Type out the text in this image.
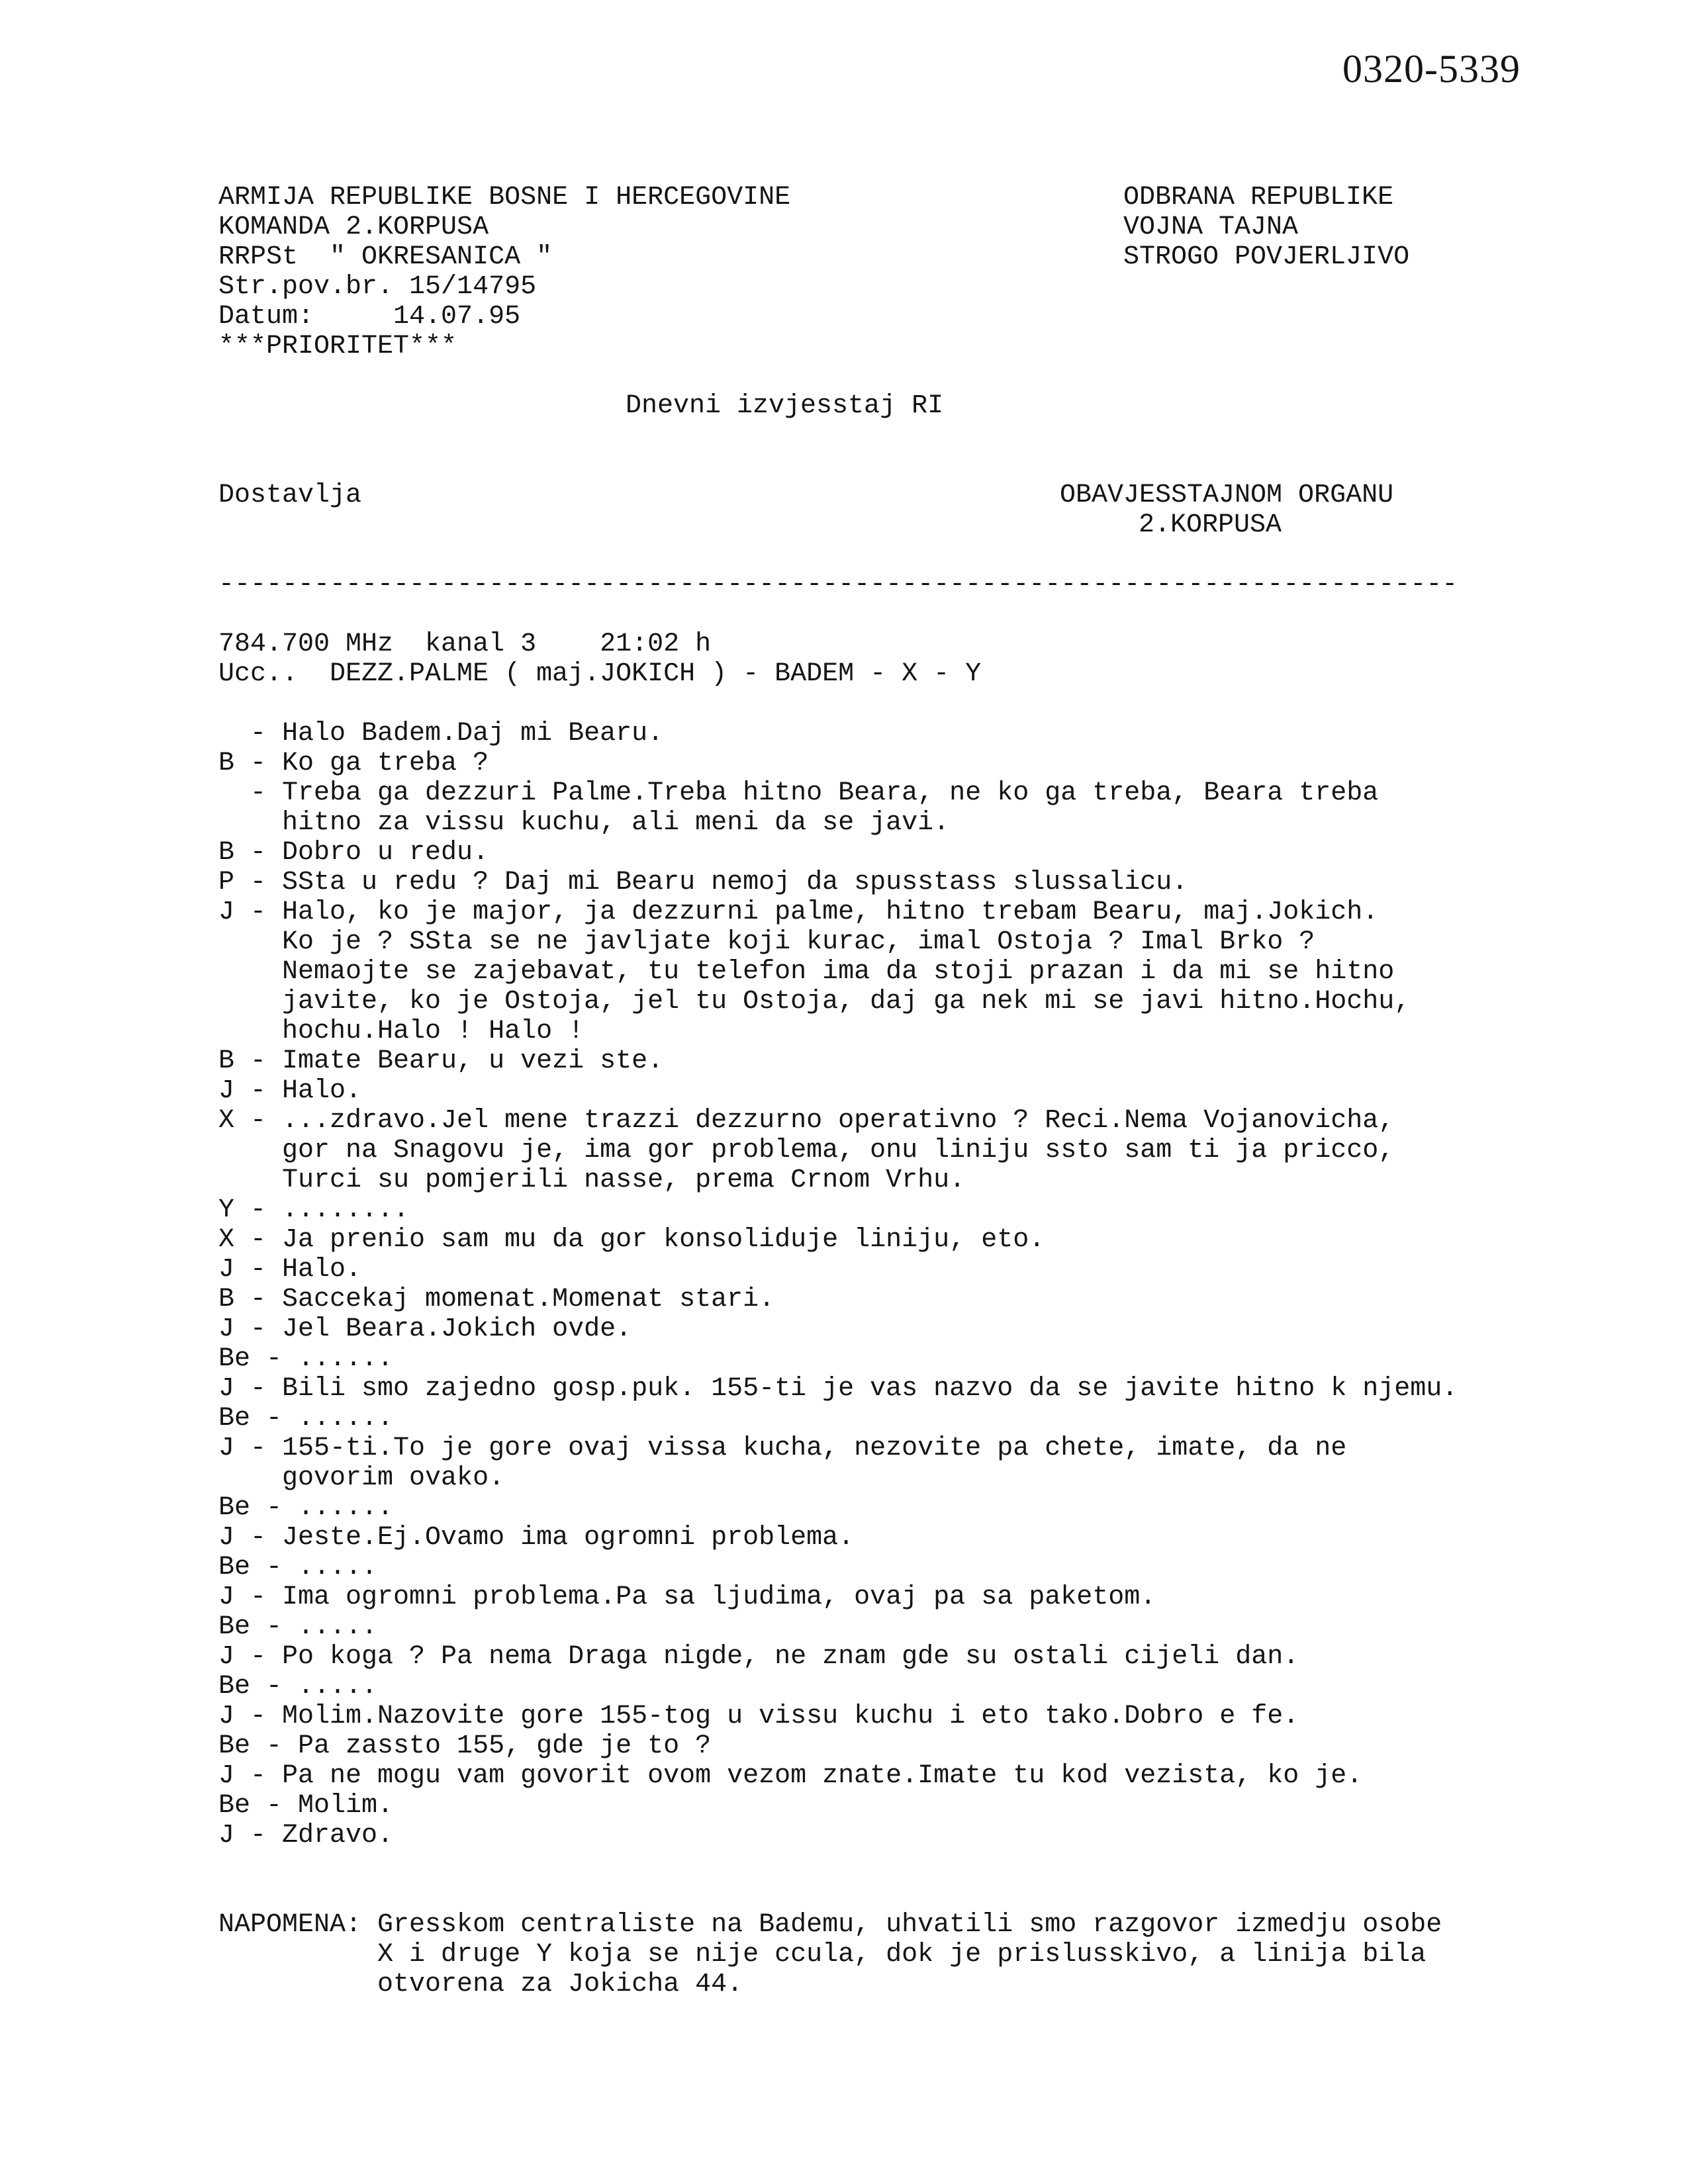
0320-5339
ARMIJA REPUBLIKE BOSNE I HERCEGOVINE
KOMANDA 2.KORPUSA
RRPSt  " OKRESANICA "
Str.pov.br. 15/14795
Datum:     14.07.95
***PRIORITET***
ODBRANA REPUBLIKE
VOJNA TAJNA
STROGO POVJERLJIVO
Dnevni izvjesstaj RI
Dostavlja	OBAVJESSTAJNOM ORGANU
2.KORPUSA
------------------------------------------------------------------------------
784.700 MHz  kanal 3    21:02 h
Ucc..  DEZZ.PALME ( maj.JOKICH ) - BADEM - X - Y
- Halo Badem.Daj mi Bearu.
B - Ko ga treba ?
- Treba ga dezzuri Palme.Treba hitno Beara, ne ko ga treba, Beara treba
hitno za vissu kuchu, ali meni da se javi.
B - Dobro u redu.
P - SSta u redu ? Daj mi Bearu nemoj da spusstass slussalicu.
J - Halo, ko je major, ja dezzurni palme, hitno trebam Bearu, maj.Jokich.
Ko je ? SSta se ne javljate koji kurac, imal Ostoja ? Imal Brko ?
Nemaojte se zajebavat, tu telefon ima da stoji prazan i da mi se hitno
javite, ko je Ostoja, jel tu Ostoja, daj ga nek mi se javi hitno.Hochu,
hochu.Halo ! Halo !
B - Imate Bearu, u vezi ste.
J - Halo.
X - ...zdravo.Jel mene trazzi dezzurno operativno ? Reci.Nema Vojanovicha,
gor na Snagovu je, ima gor problema, onu liniju ssto sam ti ja pricco,
Turci su pomjerili nasse, prema Crnom Vrhu.
Y - ........
X - Ja prenio sam mu da gor konsoliduje liniju, eto.
J - Halo.
B - Saccekaj momenat.Momenat stari.
J - Jel Beara.Jokich ovde.
Be - ......
J - Bili smo zajedno gosp.puk. 155-ti je vas nazvo da se javite hitno k njemu.
Be - ......
J - 155-ti.To je gore ovaj vissa kucha, nezovite pa chete, imate, da ne
govorim ovako.
Be - ......
J - Jeste.Ej.Ovamo ima ogromni problema.
Be - .....
J - Ima ogromni problema.Pa sa ljudima, ovaj pa sa paketom.
Be - .....
J - Po koga ? Pa nema Draga nigde, ne znam gde su ostali cijeli dan.
Be - .....
J - Molim.Nazovite gore 155-tog u vissu kuchu i eto tako.Dobro e fe.
Be - Pa zassto 155, gde je to ?
J - Pa ne mogu vam govorit ovom vezom znate.Imate tu kod vezista, ko je.
Be - Molim.
J - Zdravo.
NAPOMENA: Gresskom centraliste na Bademu, uhvatili smo razgovor izmedju osobe
X i druge Y koja se nije ccula, dok je prislusskivo, a linija bila
otvorena za Jokicha 44.
